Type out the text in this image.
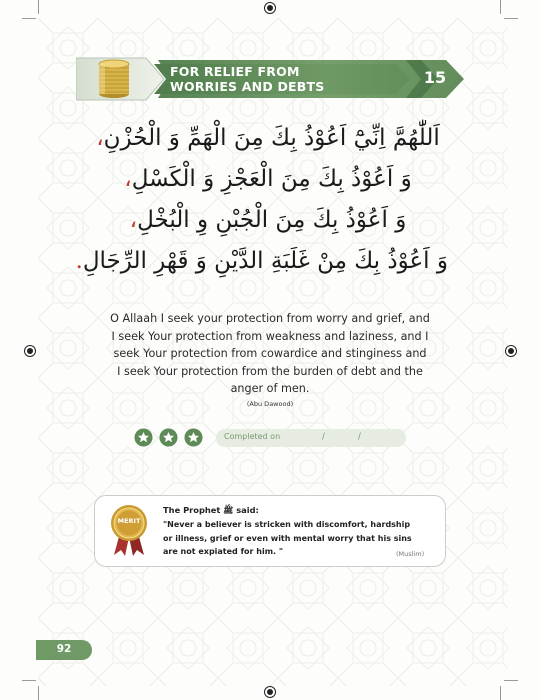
FOR RELIEF FROM
WORRIES AND DEBTS	15
اَللّٰهُمَّ اِنِّيْٓ اَعُوْذُ بِكَ مِنَ الْهَمِّ وَ الْحُزْنِ،
وَ اَعُوْذُ بِكَ مِنَ الْعَجْزِ وَ الْكَسْلِ،
وَ اَعُوْذُ بِكَ مِنَ الْجُبْنِ وِ الْبُخْلِ،
وَ اَعُوْذُ بِكَ مِنْ غَلَبَةِ الدَّيْنِ وَ قَهْرِ الرِّجَالِ.
O Allaah I seek your protection from worry and grief, and
I seek Your protection from weakness and laziness, and I
seek Your protection from cowardice and stinginess and
I seek Your protection from the burden of debt and the
anger of men.
(Abu Dawood)
Completed on	/	/
MERIT
The Prophet ﷺ said:
"Never a believer is stricken with discomfort, hardship
or illness, grief or even with mental worry that his sins
are not expiated for him. "	(Muslim)
92
